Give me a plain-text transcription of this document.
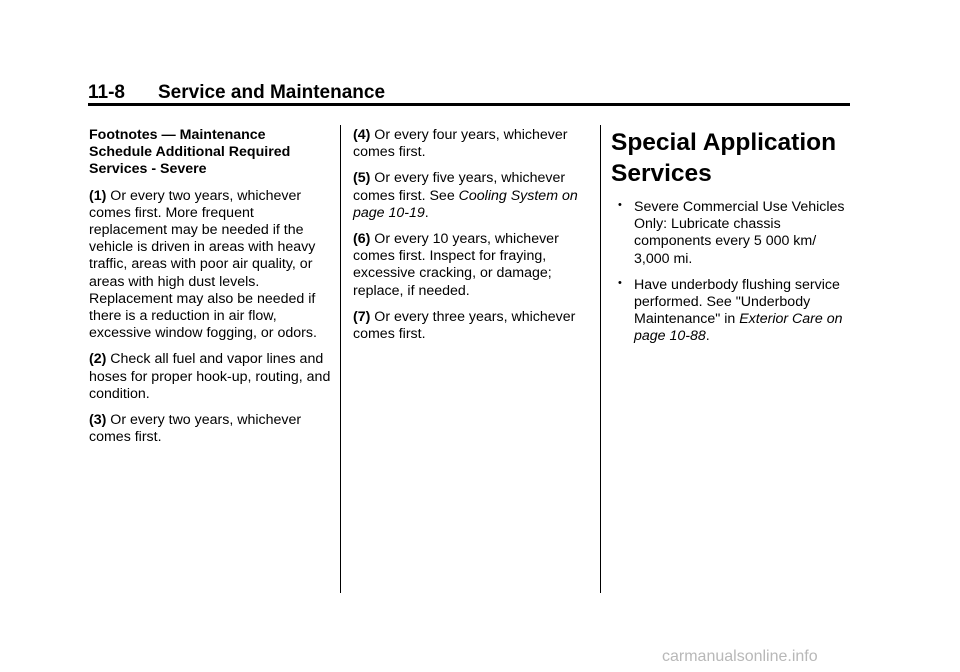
11-8 Service and Maintenance

Footnotes — Maintenance
Schedule Additional Required
Services - Severe

(1) Or every two years, whichever comes first. More frequent replacement may be needed if the vehicle is driven in areas with heavy traffic, areas with poor air quality, or areas with high dust levels. Replacement may also be needed if there is a reduction in air flow, excessive window fogging, or odors.

(2) Check all fuel and vapor lines and hoses for proper hook-up, routing, and condition.

(3) Or every two years, whichever comes first.

(4) Or every four years, whichever comes first.

(5) Or every five years, whichever comes first. See Cooling System on page 10-19.

(6) Or every 10 years, whichever comes first. Inspect for fraying, excessive cracking, or damage; replace, if needed.

(7) Or every three years, whichever comes first.

Special Application
Services
• Severe Commercial Use Vehicles Only: Lubricate chassis components every 5 000 km/ 3,000 mi.
• Have underbody flushing service performed. See "Underbody Maintenance" in Exterior Care on page 10-88.
carmanualsonline.info
